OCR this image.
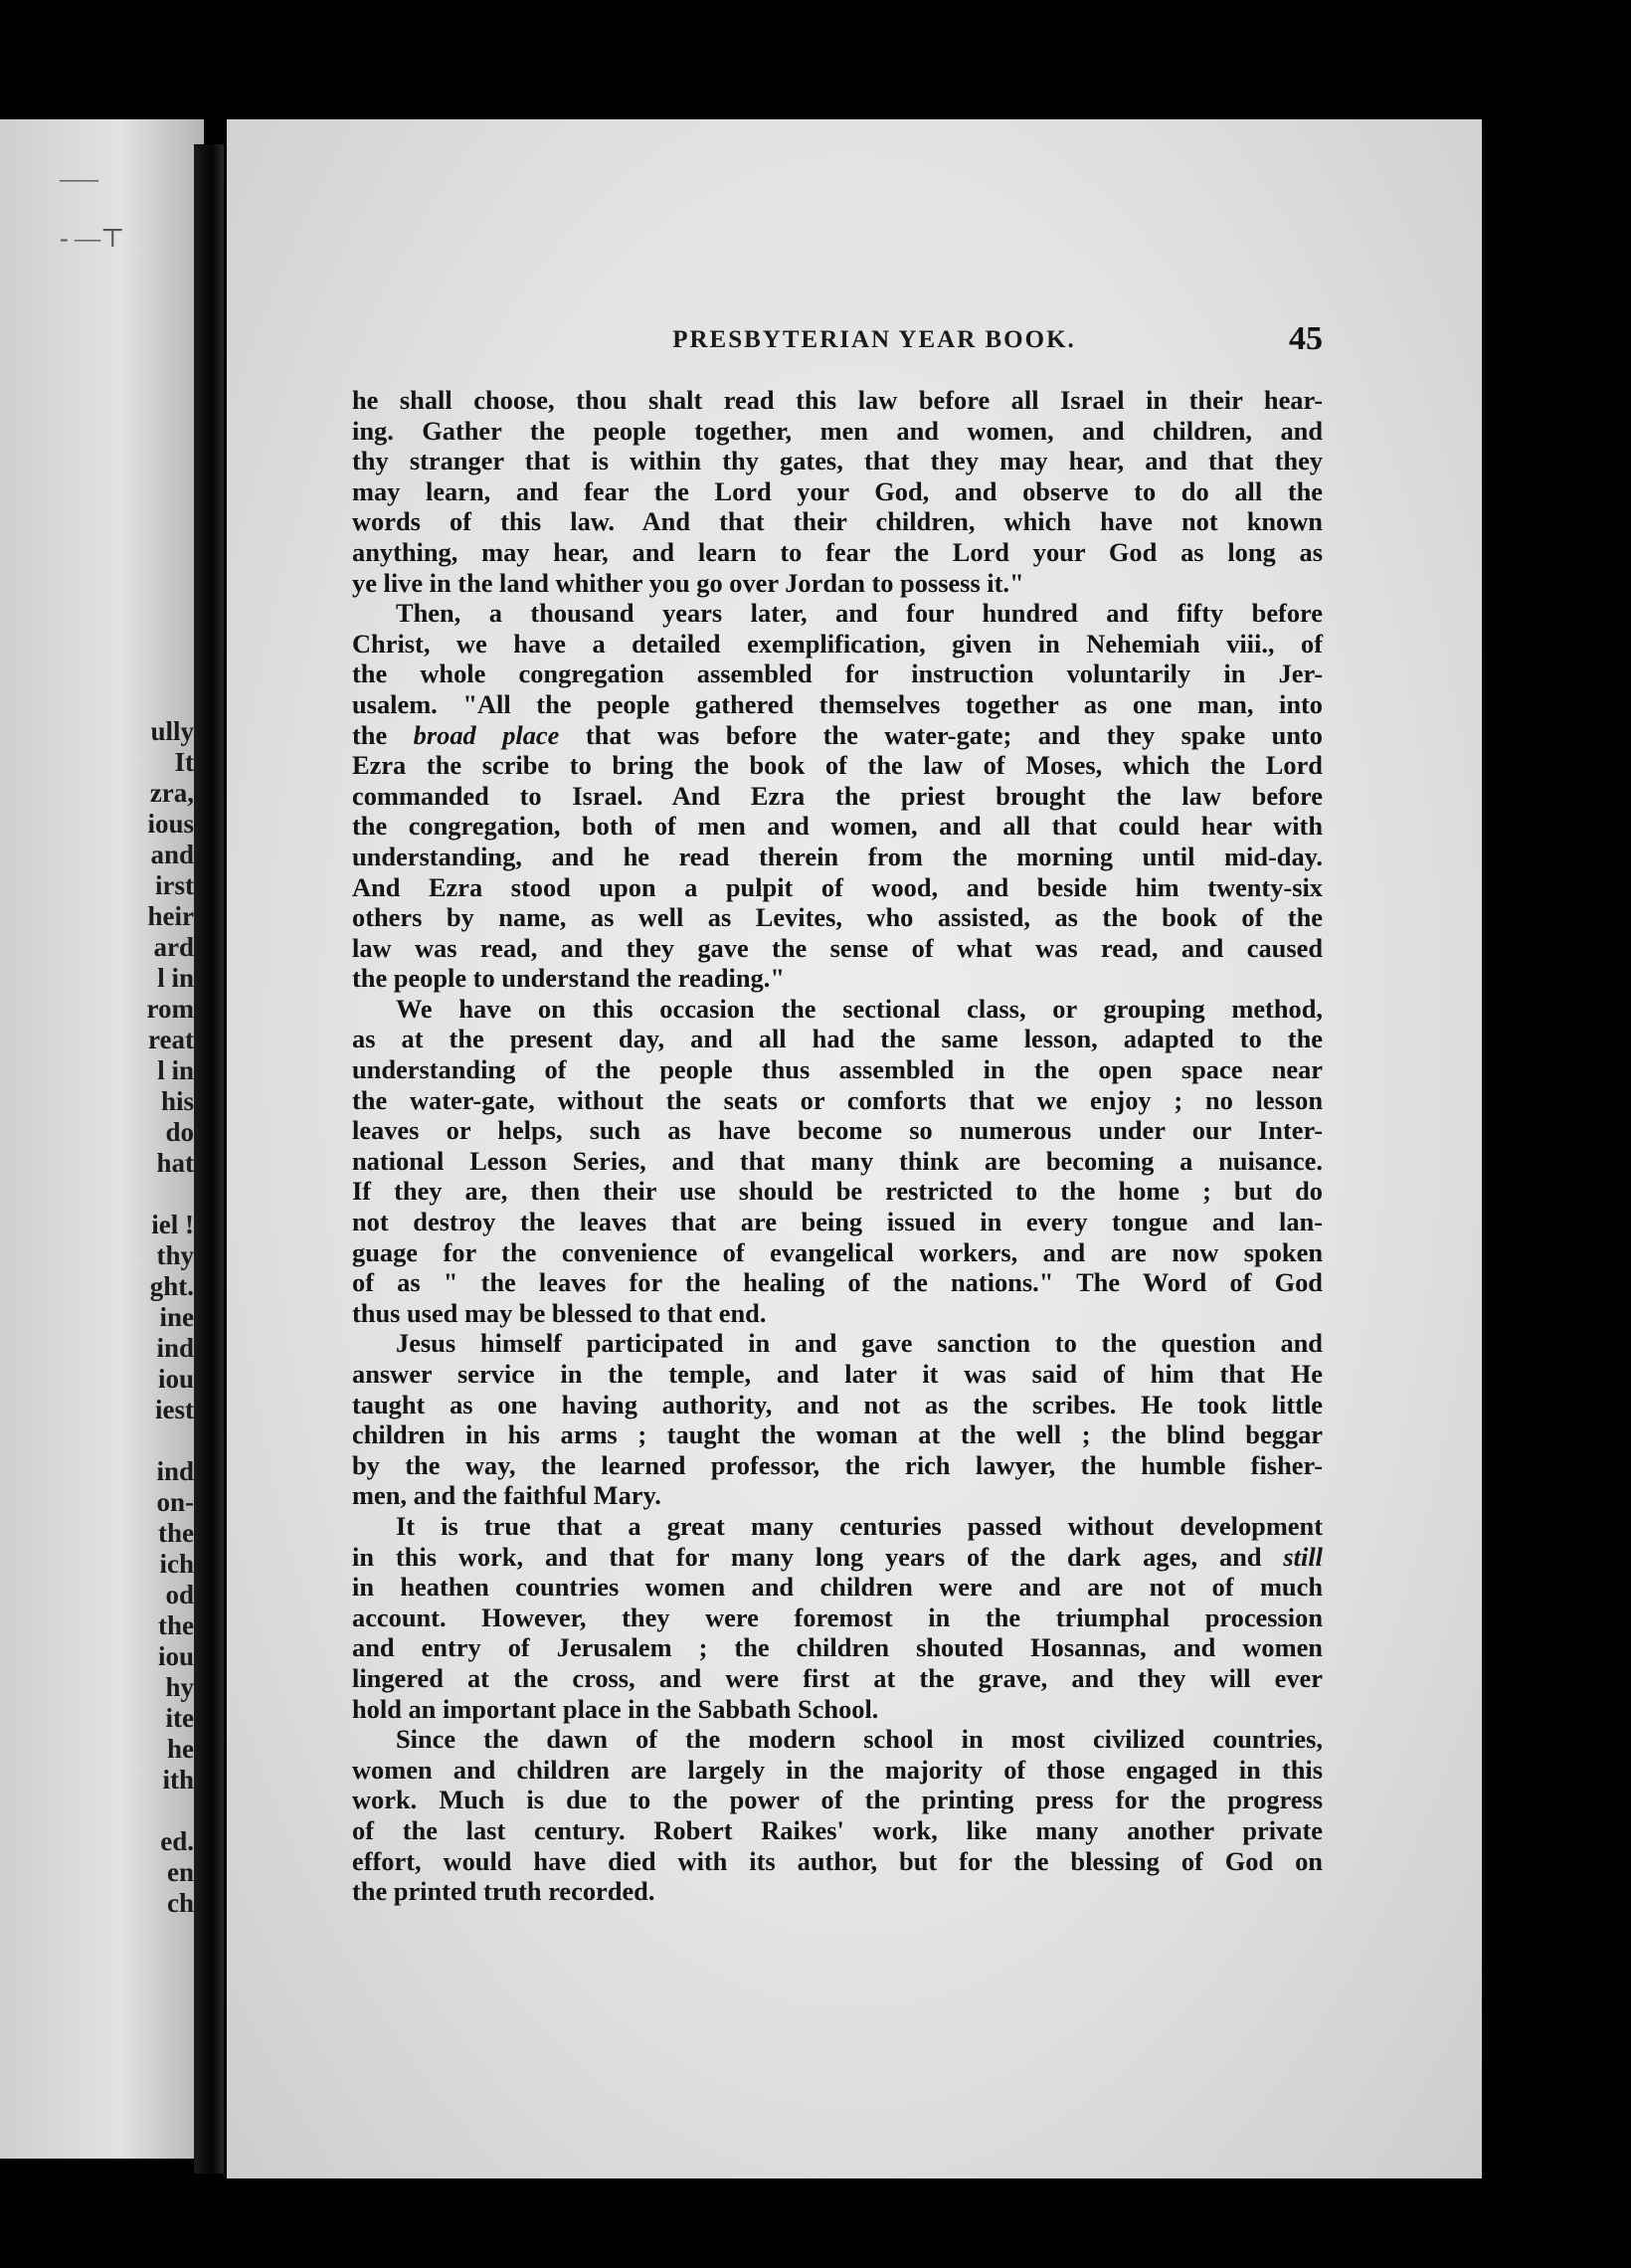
—–
- —⊤
ully
It
zra,
ious
and
irst
heir
ard
l in
rom
reat
l in
his
do
hat
iel !
thy
ght.
ine
ind
iou
iest
ind
on-
the
ich
od
the
iou
hy
ite
he
ith
ed.
en
ch
PRESBYTERIAN YEAR BOOK.	45
he shall choose, thou shalt read this law before all Israel in their hear-
ing. Gather the people together, men and women, and children, and
thy stranger that is within thy gates, that they may hear, and that they
may learn, and fear the Lord your God, and observe to do all the
words of this law. And that their children, which have not known
anything, may hear, and learn to fear the Lord your God as long as
ye live in the land whither you go over Jordan to possess it."
Then, a thousand years later, and four hundred and fifty before
Christ, we have a detailed exemplification, given in Nehemiah viii., of
the whole congregation assembled for instruction voluntarily in Jer-
usalem. "All the people gathered themselves together as one man, into
the broad place that was before the water-gate; and they spake unto
Ezra the scribe to bring the book of the law of Moses, which the Lord
commanded to Israel. And Ezra the priest brought the law before
the congregation, both of men and women, and all that could hear with
understanding, and he read therein from the morning until mid-day.
And Ezra stood upon a pulpit of wood, and beside him twenty-six
others by name, as well as Levites, who assisted, as the book of the
law was read, and they gave the sense of what was read, and caused
the people to understand the reading."
We have on this occasion the sectional class, or grouping method,
as at the present day, and all had the same lesson, adapted to the
understanding of the people thus assembled in the open space near
the water-gate, without the seats or comforts that we enjoy ; no lesson
leaves or helps, such as have become so numerous under our Inter-
national Lesson Series, and that many think are becoming a nuisance.
If they are, then their use should be restricted to the home ; but do
not destroy the leaves that are being issued in every tongue and lan-
guage for the convenience of evangelical workers, and are now spoken
of as " the leaves for the healing of the nations." The Word of God
thus used may be blessed to that end.
Jesus himself participated in and gave sanction to the question and
answer service in the temple, and later it was said of him that He
taught as one having authority, and not as the scribes. He took little
children in his arms ; taught the woman at the well ; the blind beggar
by the way, the learned professor, the rich lawyer, the humble fisher-
men, and the faithful Mary.
It is true that a great many centuries passed without development
in this work, and that for many long years of the dark ages, and still
in heathen countries women and children were and are not of much
account. However, they were foremost in the triumphal procession
and entry of Jerusalem ; the children shouted Hosannas, and women
lingered at the cross, and were first at the grave, and they will ever
hold an important place in the Sabbath School.
Since the dawn of the modern school in most civilized countries,
women and children are largely in the majority of those engaged in this
work. Much is due to the power of the printing press for the progress
of the last century. Robert Raikes' work, like many another private
effort, would have died with its author, but for the blessing of God on
the printed truth recorded.
